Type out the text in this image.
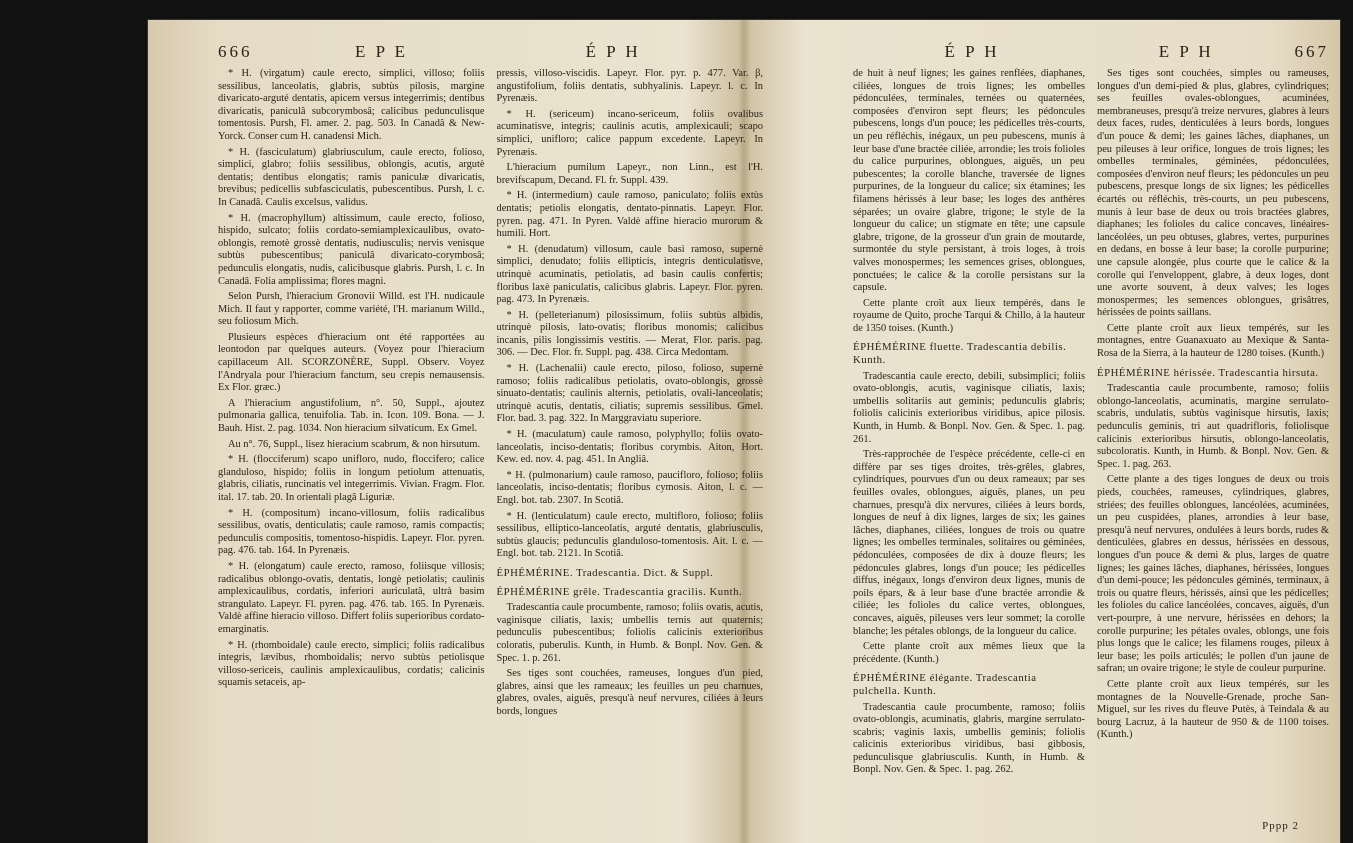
666	E P E	É P H

* H. (virgatum) caule erecto, simplici, villoso; foliis sessilibus, lanceolatis, glabris, subtùs pilosis, margine divaricato-arguté dentatis, apicem versus integerrimis; dentibus divaricatis, paniculâ subcorymbosâ; calicibus pedunculisque tomentosis. Pursh, Fl. amer. 2. pag. 503. In Canadâ & New-Yorck. Conser cum H. canadensi Mich.

* H. (fasciculatum) glabriusculum, caule erecto, folioso, simplici, glabro; foliis sessilibus, oblongis, acutis, argutè dentatis; dentibus elongatis; ramis paniculæ divaricatis, brevibus; pedicellis subfasciculatis, pubescentibus. Pursh, l. c. In Canadâ. Caulis excelsus, validus.

* H. (macrophyllum) altissimum, caule erecto, folioso, hispido, sulcato; foliis cordato-semiamplexicaulibus, ovato-oblongis, remotè grossè dentatis, nudiusculis; nervis venisque subtùs pubescentibus; paniculâ divaricato-corymbosâ; pedunculis elongatis, nudis, calicibusque glabris. Pursh, l. c. In Canadâ. Folia amplissima; flores magni.

Selon Pursh, l'hieracium Gronovii Willd. est l'H. nudicaule Mich. Il faut y rapporter, comme variété, l'H. marianum Willd., seu foliosum Mich.

Plusieurs espèces d'hieracium ont été rapportées au leontodon par quelques auteurs. (Voyez pour l'hieracium capillaceum All. SCORZONÈRE, Suppl. Observ. Voyez l'Andryala pour l'hieracium fanctum, seu crepis nemausensis. Ex Flor. græc.)

A l'hieracium angustifolium, n°. 50, Suppl., ajoutez pulmonaria gallica, tenuifolia. Tab. in. Icon. 109. Bona. — J. Bauh. Hist. 2. pag. 1034. Non hieracium silvaticum. Ex Gmel.

Au n°. 76, Suppl., lisez hieracium scabrum, & non hirsutum.

* H. (flocciferum) scapo unifloro, nudo, floccifero; calice glanduloso, hispido; foliis in longum petiolum attenuatis, glabris, ciliatis, runcinatis vel integerrimis. Vivian. Fragm. Flor. ital. 17. tab. 20. In orientali plagâ Liguriæ.

* H. (compositum) incano-villosum, foliis radicalibus sessilibus, ovatis, denticulatis; caule ramoso, ramis compactis; pedunculis compositis, tomentoso-hispidis. Lapeyr. Flor. pyren. pag. 476. tab. 164. In Pyrenæis.

* H. (elongatum) caule erecto, ramoso, foliisque villosis; radicalibus oblongo-ovatis, dentatis, longè petiolatis; caulinis amplexicaulibus, cordatis, inferiori auriculatâ, ultrà basim strangulato. Lapeyr. Fl. pyren. pag. 476. tab. 165. In Pyrenæis. Valdè affine hieracio villoso. Differt foliis superioribus cordato-emarginatis.

* H. (rhomboidale) caule erecto, simplici; foliis radicalibus integris, lævibus, rhomboidalis; nervo subtùs petiolisque villoso-sericeis, caulinis amplexicaulibus, cordatis; calicinis squamis setaceis, ap-

pressis, villoso-viscidis. Lapeyr. Flor. pyr. p. 477. Var. β, angustifolium, foliis dentatis, subhyalinis. Lapeyr. l. c. In Pyrenæis.

* H. (sericeum) incano-sericeum, foliis ovalibus acuminatisve, integris; caulinis acutis, amplexicauli; scapo simplici, unifloro; calice pappum excedente. Lapeyr. In Pyrenæis.

L'hieracium pumilum Lapeyr., non Linn., est l'H. brevifscapum, Decand. Fl. fr. Suppl. 439.

* H. (intermedium) caule ramoso, paniculato; foliis extùs dentatis; petiolis elongatis, dentato-pinnatis. Lapeyr. Flor. pyren. pag. 471. In Pyren. Valdè affine hieracio murorum & humili. Hort.

* H. (denudatum) villosum, caule basi ramoso, supernè simplici, denudato; foliis ellipticis, integris denticulatisve, utrinquè acuminatis, petiolatis, ad basin caulis confertis; floribus laxè paniculatis, calicibus glabris. Lapeyr. Flor. pyren. pag. 473. In Pyrenæis.

* H. (pelleterianum) pilosissimum, foliis subtùs albidis, utrinquè pilosis, lato-ovatis; floribus monomis; calicibus incanis, pilis longissimis vestitis. — Merat, Flor. paris. pag. 306. — Dec. Flor. fr. Suppl. pag. 438. Circa Medontam.

* H. (Lachenalii) caule erecto, piloso, folioso, supernè ramoso; foliis radicalibus petiolatis, ovato-oblongis, grossè sinuato-dentatis; caulinis alternis, petiolatis, ovali-lanceolatis; utrinquè acutis, dentatis, ciliatis; supremis sessilibus. Gmel. Flor. bad. 3. pag. 322. In Marggraviatu superiore.

* H. (maculatum) caule ramoso, polyphyllo; foliis ovato-lanceolatis, inciso-dentatis; floribus corymbis. Aiton, Hort. Kew. ed. nov. 4. pag. 451. In Angliâ.

* H. (pulmonarium) caule ramoso, paucifloro, folioso; foliis lanceolatis, inciso-dentatis; floribus cymosis. Aiton, l. c. — Engl. bot. tab. 2307. In Scotiâ.

* H. (lenticulatum) caule erecto, multifloro, folioso; foliis sessilibus, elliptico-lanceolatis, arguté dentatis, glabriusculis, subtùs glaucis; pedunculis glanduloso-tomentosis. Ait. l. c. — Engl. bot. tab. 2121. In Scotiâ.

ÉPHÉMÉRINE. Tradescantia. Dict. & Suppl.

ÉPHÉMÉRINE grêle. Tradescantia gracilis. Kunth.

Tradescantia caule procumbente, ramoso; foliis ovatis, acutis, vaginisque ciliatis, laxis; umbellis ternis aut quaternis; pedunculis pubescentibus; foliolis calicinis exterioribus coloratis, puberulis. Kunth, in Humb. & Bonpl. Nov. Gen. & Spec. 1. p. 261.

Ses tiges sont couchées, rameuses, longues d'un pied, glabres, ainsi que les rameaux; les feuilles un peu charnues, glabres, ovales, aiguës, presqu'à neuf nervures, ciliées à leurs bords, longues

É P H	E P H	667

de huit à neuf lignes; les gaines renflées, diaphanes, ciliées, longues de trois lignes; les ombelles pédonculées, terminales, ternées ou quaternées, composées d'environ sept fleurs; les pédoncules pubescens, longs d'un pouce; les pédicelles très-courts, un peu réfléchis, inégaux, un peu pubescens, munis à leur base d'une bractée ciliée, arrondie; les trois folioles du calice purpurines, oblongues, aiguës, un peu pubescentes; la corolle blanche, traversée de lignes purpurines, de la longueur du calice; six étamines; les filamens hérissés à leur base; les loges des anthères séparées; un ovaire glabre, trigone; le style de la longueur du calice; un stigmate en tête; une capsule glabre, trigone, de la grosseur d'un grain de moutarde, surmontée du style persistant, à trois loges, à trois valves monospermes; les semences grises, oblongues, ponctuées; le calice & la corolle persistans sur la capsule.

Cette plante croît aux lieux tempérés, dans le royaume de Quito, proche Tarqui & Chillo, à la hauteur de 1350 toises. (Kunth.)

ÉPHÉMÉRINE fluette. Tradescantia debilis. Kunth.

Tradescantia caule erecto, debili, subsimplici; foliis ovato-oblongis, acutis, vaginisque ciliatis, laxis; umbellis solitariis aut geminis; pedunculis glabris; foliolis calicinis exterioribus viridibus, apice pilosis. Kunth, in Humb. & Bonpl. Nov. Gen. & Spec. 1. pag. 261.

Très-rapprochée de l'espèce précédente, celle-ci en diffère par ses tiges droites, très-grêles, glabres, cylindriques, pourvues d'un ou deux rameaux; par ses feuilles ovales, oblongues, aiguës, planes, un peu charnues, presqu'à dix nervures, ciliées à leurs bords, longues de neuf à dix lignes, larges de six; les gaines lâches, diaphanes, ciliées, longues de trois ou quatre lignes; les ombelles terminales, solitaires ou géminées, pédonculées, composées de dix à douze fleurs; les pédoncules glabres, longs d'un pouce; les pédicelles diffus, inégaux, longs d'environ deux lignes, munis de poils épars, & à leur base d'une bractée arrondie & ciliée; les folioles du calice vertes, oblongues, concaves, aiguës, pileuses vers leur sommet; la corolle blanche; les pétales oblongs, de la longueur du calice.

Cette plante croît aux mêmes lieux que la précédente. (Kunth.)

ÉPHÉMÉRINE élégante. Tradescantia pulchella. Kunth.

Tradescantia caule procumbente, ramoso; foliis ovato-oblongis, acuminatis, glabris, margine serrulato-scabris; vaginis laxis, umbellis geminis; foliolis calicinis exterioribus viridibus, basi gibbosis, pedunculisque glabriusculis. Kunth, in Humb. & Bonpl. Nov. Gen. & Spec. 1. pag. 262.

Ses tiges sont couchées, simples ou rameuses, longues d'un demi-pied & plus, glabres, cylindriques; ses feuilles ovales-oblongues, acuminées, membraneuses, presqu'à treize nervures, glabres à leurs deux faces, rudes, denticulées à leurs bords, longues d'un pouce & demi; les gaines lâches, diaphanes, un peu pileuses à leur orifice, longues de trois lignes; les ombelles terminales, géminées, pédonculées, composées d'environ neuf fleurs; les pédoncules un peu pubescens, presque longs de six lignes; les pédicelles écartés ou réfléchis, très-courts, un peu pubescens, munis à leur base de deux ou trois bractées glabres, diaphanes; les folioles du calice concaves, linéaires-lancéolées, un peu obtuses, glabres, vertes, purpurines en dedans, en bosse à leur base; la corolle purpurine; une capsule alongée, plus courte que le calice & la corolle qui l'enveloppent, glabre, à deux loges, dont une avorte souvent, à deux valves; les loges monospermes; les semences oblongues, grisâtres, hérissées de points saillans.

Cette plante croît aux lieux tempérés, sur les montagnes, entre Guanaxuato au Mexique & Santa-Rosa de la Sierra, à la hauteur de 1280 toises. (Kunth.)

ÉPHÉMÉRINE hérissée. Tradescantia hirsuta.

Tradescantia caule procumbente, ramoso; foliis oblongo-lanceolatis, acuminatis, margine serrulato-scabris, undulatis, subtùs vaginisque hirsutis, laxis; pedunculis geminis, tri aut quadrifloris, foliolisque calicinis exterioribus hirsutis, oblongo-lanceolatis, subcoloratis. Kunth, in Humb. & Bonpl. Nov. Gen. & Spec. 1. pag. 263.

Cette plante a des tiges longues de deux ou trois pieds, couchées, rameuses, cylindriques, glabres, striées; des feuilles oblongues, lancéolées, acuminées, un peu cuspidées, planes, arrondies à leur base, presqu'à neuf nervures, ondulées à leurs bords, rudes & denticulées, glabres en dessus, hérissées en dessous, longues d'un pouce & demi & plus, larges de quatre lignes; les gaines lâches, diaphanes, hérissées, longues d'un demi-pouce; les pédoncules géminés, terminaux, à trois ou quatre fleurs, hérissés, ainsi que les pédicelles; les folioles du calice lancéolées, concaves, aiguës, d'un vert-pourpre, à une nervure, hérissées en dehors; la corolle purpurine; les pétales ovales, oblongs, une fois plus longs que le calice; les filamens rouges, pileux à leur base; les poils articulés; le pollen d'un jaune de safran; un ovaire trigone; le style de couleur purpurine.

Cette plante croît aux lieux tempérés, sur les montagnes de la Nouvelle-Grenade, proche San-Miguel, sur les rives du fleuve Putès, à Teindala & au bourg Lacruz, à la hauteur de 950 & de 1100 toises. (Kunth.)

Pppp 2
